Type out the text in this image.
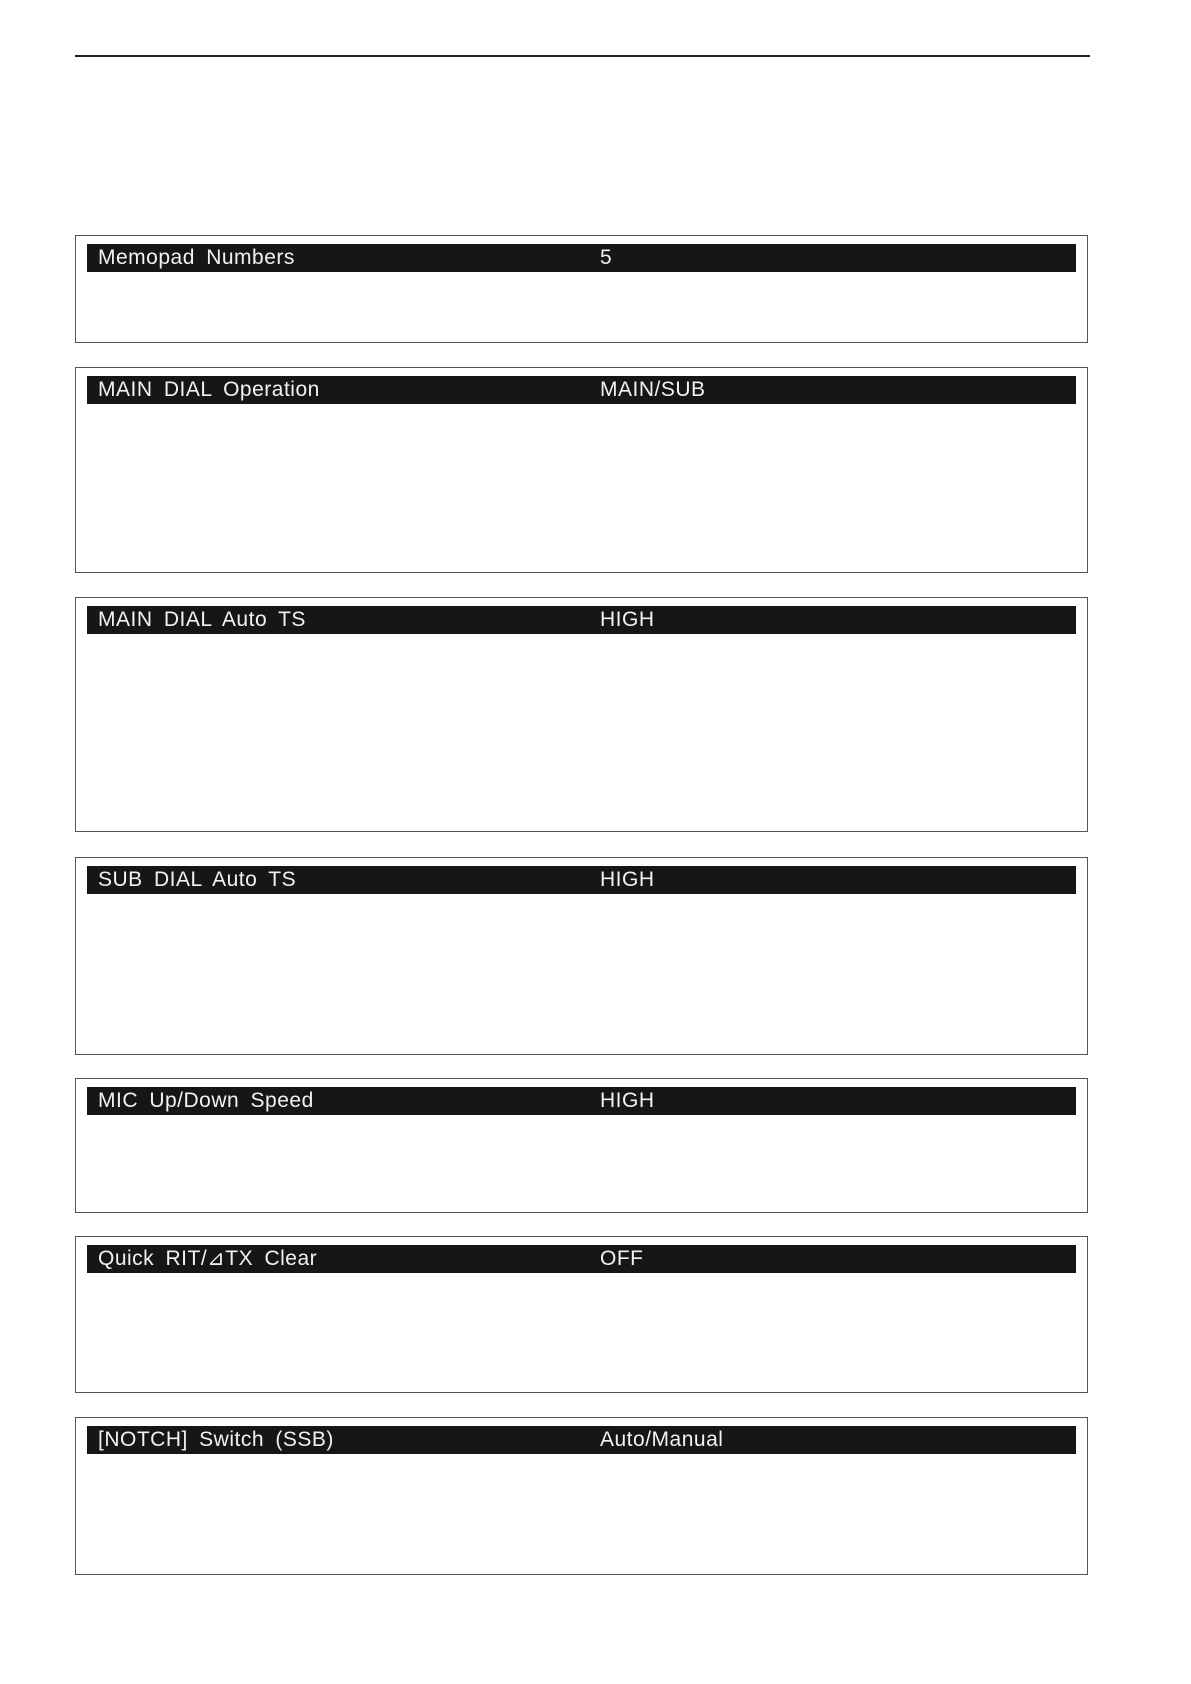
Memopad Numbers	5
MAIN DIAL Operation	MAIN/SUB
MAIN DIAL Auto TS	HIGH
SUB DIAL Auto TS	HIGH
MIC Up/Down Speed	HIGH
Quick RIT/⊿TX Clear	OFF
[NOTCH] Switch (SSB)	Auto/Manual
